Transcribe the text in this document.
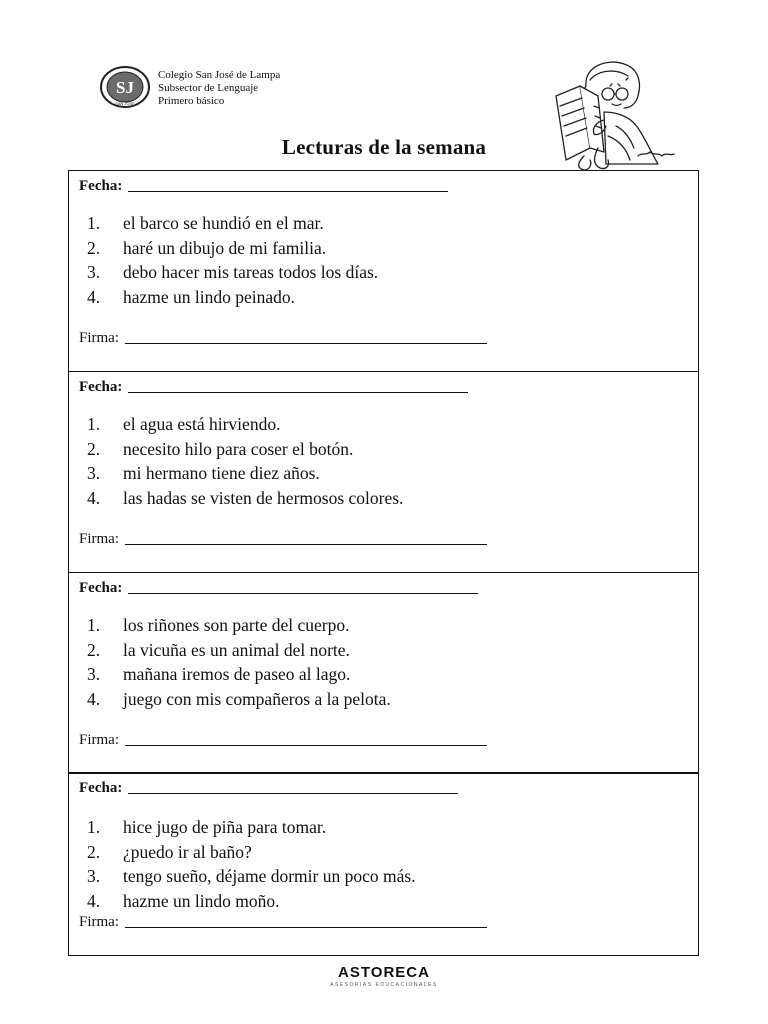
SJ
SAN JOSE
Colegio San José de Lampa
Subsector de Lenguaje
Primero básico
Lecturas de la semana
Fecha:
1. el barco se hundió en el mar.
2. haré un dibujo de mi familia.
3. debo hacer mis tareas todos los días.
4. hazme un lindo peinado.
Firma:
Fecha:
1. el agua está hirviendo.
2. necesito hilo para coser el botón.
3. mi hermano tiene diez años.
4. las hadas se visten de hermosos colores.
Firma:
Fecha:
1. los riñones son parte del cuerpo.
2. la vicuña es un animal del norte.
3. mañana iremos de paseo al lago.
4. juego con mis compañeros a la pelota.
Firma:
Fecha:
1. hice jugo de piña para tomar.
2. ¿puedo ir al baño?
3. tengo sueño, déjame dormir un poco más.
4. hazme un lindo moño.
Firma:
ASTORECA
ASESORIAS EDUCACIONALES
